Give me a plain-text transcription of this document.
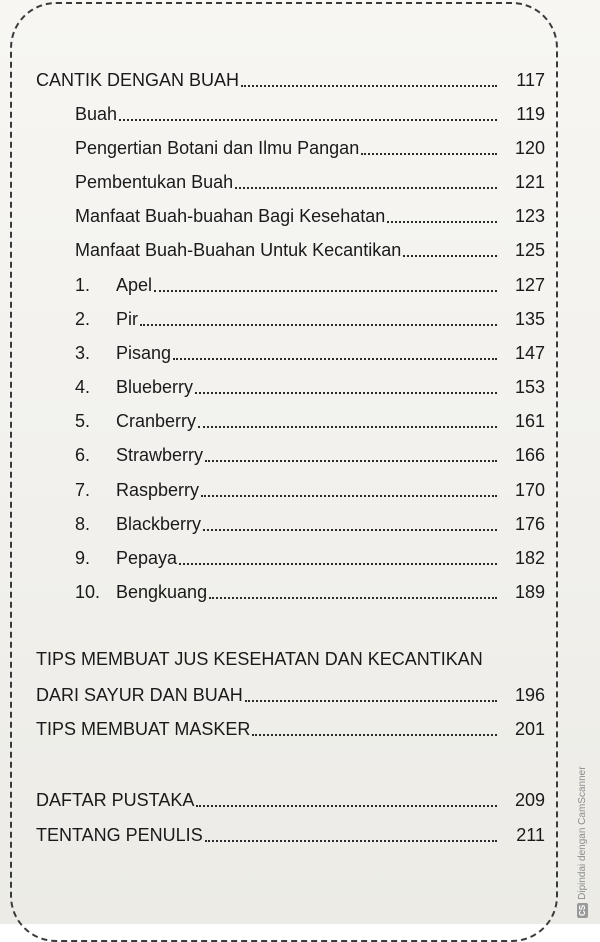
CANTIK DENGAN BUAH	117
Buah	119
Pengertian Botani dan Ilmu Pangan	120
Pembentukan Buah	121
Manfaat Buah-buahan Bagi Kesehatan	123
Manfaat Buah-Buahan Untuk Kecantikan	125
1.	Apel	127
2.	Pir	135
3.	Pisang	147
4.	Blueberry	153
5.	Cranberry	161
6.	Strawberry	166
7.	Raspberry	170
8.	Blackberry	176
9.	Pepaya	182
10. Bengkuang	189
TIPS MEMBUAT JUS KESEHATAN DAN KECANTIKAN
DARI SAYUR DAN BUAH	196
TIPS MEMBUAT MASKER	201
DAFTAR PUSTAKA	209
TENTANG PENULIS	211
CS
Dipindai dengan CamScanner
